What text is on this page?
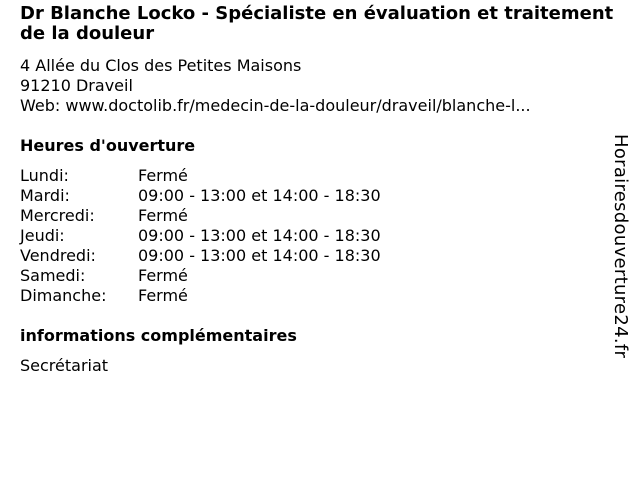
Dr Blanche Locko - Spécialiste en évaluation et traitement de la douleur
4 Allée du Clos des Petites Maisons
91210 Draveil
Web: www.doctolib.fr/medecin-de-la-douleur/draveil/blanche-l...
Heures d'ouverture
Lundi:	Fermé
Mardi:	09:00 - 13:00 et 14:00 - 18:30
Mercredi:	Fermé
Jeudi:	09:00 - 13:00 et 14:00 - 18:30
Vendredi:	09:00 - 13:00 et 14:00 - 18:30
Samedi:	Fermé
Dimanche:	Fermé
informations complémentaires
Secrétariat
Horairesdouverture24.fr
